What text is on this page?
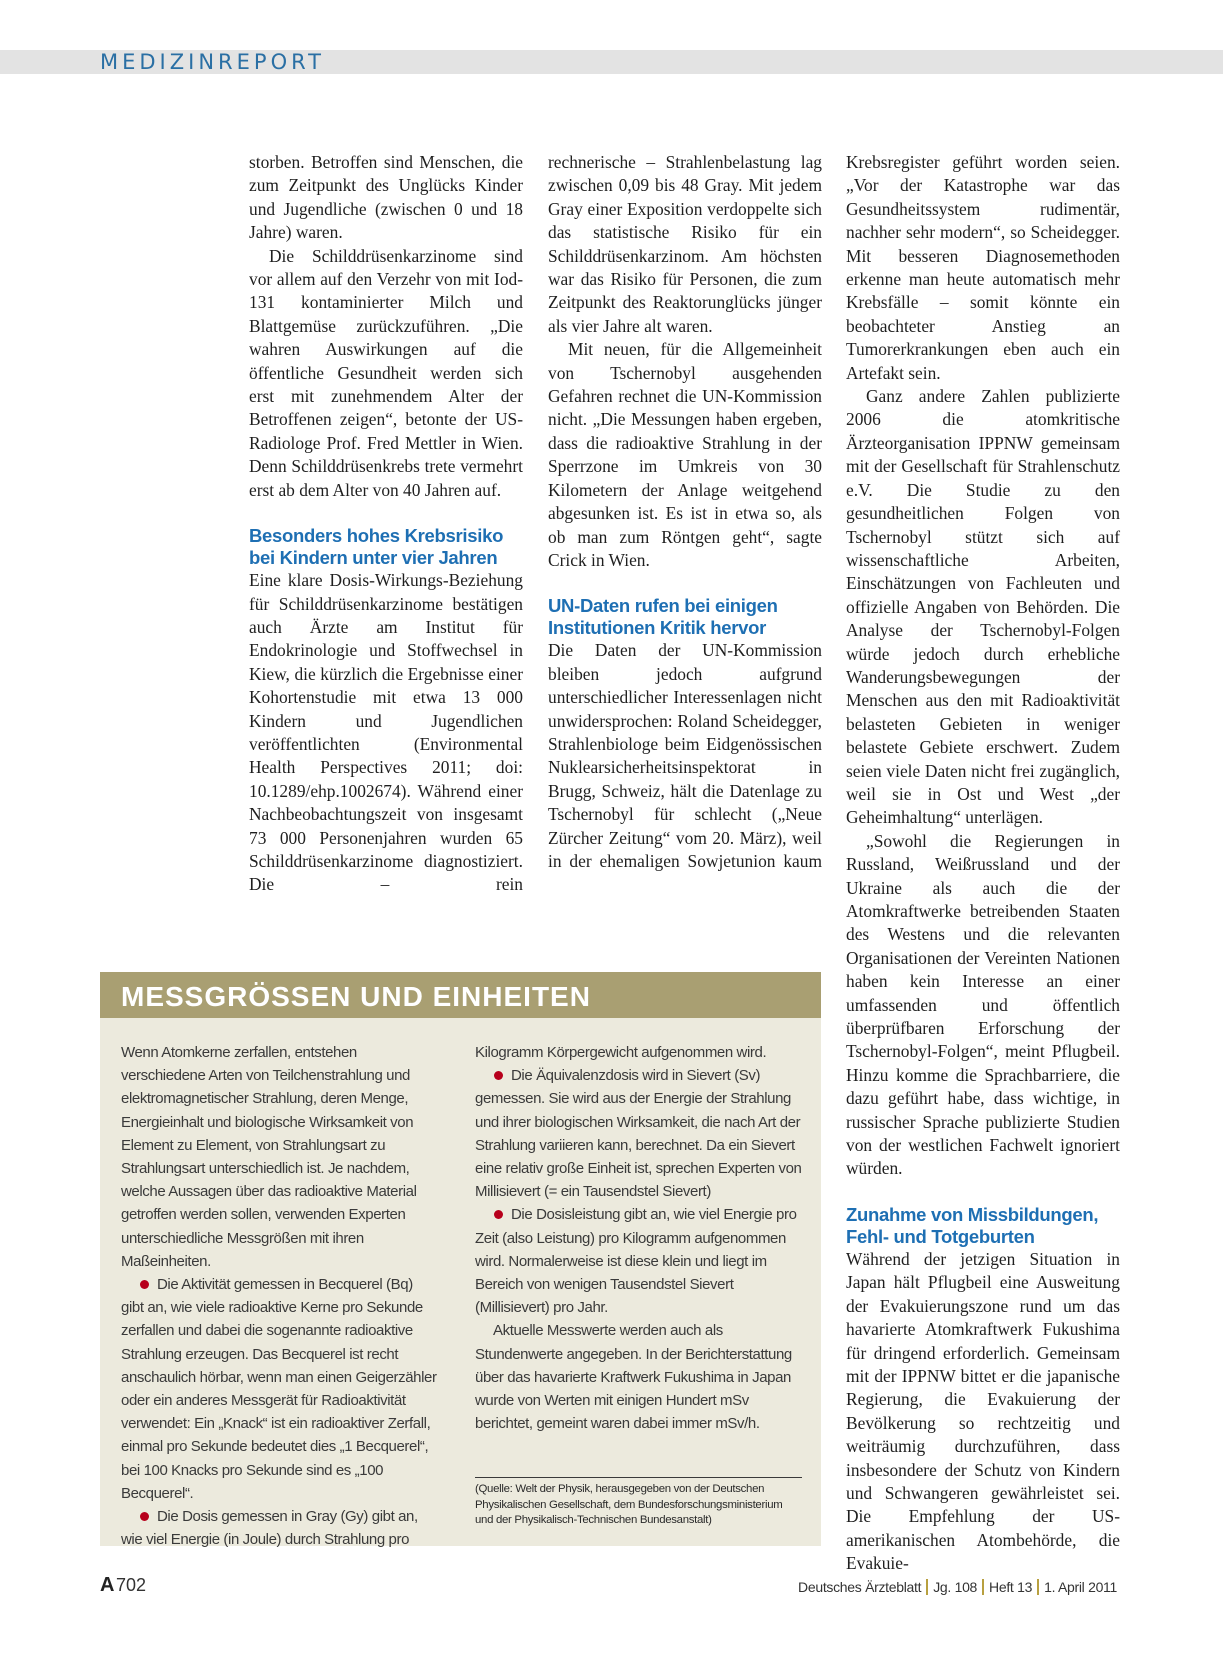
MEDIZINREPORT

storben. Betroffen sind Menschen, die zum Zeitpunkt des Unglücks Kinder und Jugendliche (zwischen 0 und 18 Jahre) waren.

Die Schilddrüsenkarzinome sind vor allem auf den Verzehr von mit Iod-131 kontaminierter Milch und Blattgemüse zurückzuführen. „Die wahren Auswirkungen auf die öffentliche Gesundheit werden sich erst mit zunehmendem Alter der Betroffenen zeigen“, betonte der US-Radiologe Prof. Fred Mettler in Wien. Denn Schilddrüsenkrebs trete vermehrt erst ab dem Alter von 40 Jahren auf.

Besonders hohes Krebsrisiko bei Kindern unter vier Jahren

Eine klare Dosis-Wirkungs-Beziehung für Schilddrüsenkarzinome bestätigen auch Ärzte am Institut für Endokrinologie und Stoffwechsel in Kiew, die kürzlich die Ergebnisse einer Kohortenstudie mit etwa 13 000 Kindern und Jugendlichen veröffentlichten (Environmental Health Perspectives 2011; doi: 10.1289/ehp.1002674). Während einer Nachbeobachtungszeit von insgesamt 73 000 Personenjahren wurden 65 Schilddrüsenkarzinome diagnostiziert. Die – rein

rechnerische – Strahlenbelastung lag zwischen 0,09 bis 48 Gray. Mit jedem Gray einer Exposition verdoppelte sich das statistische Risiko für ein Schilddrüsenkarzinom. Am höchsten war das Risiko für Personen, die zum Zeitpunkt des Reaktorunglücks jünger als vier Jahre alt waren.

Mit neuen, für die Allgemeinheit von Tschernobyl ausgehenden Gefahren rechnet die UN-Kommission nicht. „Die Messungen haben ergeben, dass die radioaktive Strahlung in der Sperrzone im Umkreis von 30 Kilometern der Anlage weitgehend abgesunken ist. Es ist in etwa so, als ob man zum Röntgen geht“, sagte Crick in Wien.

UN-Daten rufen bei einigen Institutionen Kritik hervor

Die Daten der UN-Kommission bleiben jedoch aufgrund unterschiedlicher Interessenlagen nicht unwidersprochen: Roland Scheidegger, Strahlenbiologe beim Eidgenössischen Nuklearsicherheitsinspektorat in Brugg, Schweiz, hält die Datenlage zu Tschernobyl für schlecht („Neue Zürcher Zeitung“ vom 20. März), weil in der ehemaligen Sowjetunion kaum

Krebsregister geführt worden seien. „Vor der Katastrophe war das Gesundheitssystem rudimentär, nachher sehr modern“, so Scheidegger. Mit besseren Diagnosemethoden erkenne man heute automatisch mehr Krebsfälle – somit könnte ein beobachteter Anstieg an Tumorerkrankungen eben auch ein Artefakt sein.

Ganz andere Zahlen publizierte 2006 die atomkritische Ärzteorganisation IPPNW gemeinsam mit der Gesellschaft für Strahlenschutz e.V. Die Studie zu den gesundheitlichen Folgen von Tschernobyl stützt sich auf wissenschaftliche Arbeiten, Einschätzungen von Fachleuten und offizielle Angaben von Behörden. Die Analyse der Tschernobyl-Folgen würde jedoch durch erhebliche Wanderungsbewegungen der Menschen aus den mit Radioaktivität belasteten Gebieten in weniger belastete Gebiete erschwert. Zudem seien viele Daten nicht frei zugänglich, weil sie in Ost und West „der Geheimhaltung“ unterlägen.

„Sowohl die Regierungen in Russland, Weißrussland und der Ukraine als auch die der Atomkraftwerke betreibenden Staaten des Westens und die relevanten Organisationen der Vereinten Nationen haben kein Interesse an einer umfassenden und öffentlich überprüfbaren Erforschung der Tschernobyl-Folgen“, meint Pflugbeil. Hinzu komme die Sprachbarriere, die dazu geführt habe, dass wichtige, in russischer Sprache publizierte Studien von der westlichen Fachwelt ignoriert würden.

Zunahme von Missbildungen, Fehl- und Totgeburten

Während der jetzigen Situation in Japan hält Pflugbeil eine Ausweitung der Evakuierungszone rund um das havarierte Atomkraftwerk Fukushima für dringend erforderlich. Gemeinsam mit der IPPNW bittet er die japanische Regierung, die Evakuierung der Bevölkerung so rechtzeitig und weiträumig durchzuführen, dass insbesondere der Schutz von Kindern und Schwangeren gewährleistet sei. Die Empfehlung der US-amerikanischen Atombehörde, die Evakuie-

MESSGRÖSSEN UND EINHEITEN

Wenn Atomkerne zerfallen, entstehen verschiedene Arten von Teilchenstrahlung und elektromagnetischer Strahlung, deren Menge, Energieinhalt und biologische Wirksamkeit von Element zu Element, von Strahlungsart zu Strahlungsart unterschiedlich ist. Je nachdem, welche Aussagen über das radioaktive Material getroffen werden sollen, verwenden Experten unterschiedliche Messgrößen mit ihren Maßeinheiten.

Die Aktivität gemessen in Becquerel (Bq) gibt an, wie viele radioaktive Kerne pro Sekunde zerfallen und dabei die sogenannte radioaktive Strahlung erzeugen. Das Becquerel ist recht anschaulich hörbar, wenn man einen Geigerzähler oder ein anderes Messgerät für Radioaktivität verwendet: Ein „Knack“ ist ein radioaktiver Zerfall, einmal pro Sekunde bedeutet dies „1 Becquerel“, bei 100 Knacks pro Sekunde sind es „100 Becquerel“.

Die Dosis gemessen in Gray (Gy) gibt an, wie viel Energie (in Joule) durch Strahlung pro

Kilogramm Körpergewicht aufgenommen wird.

Die Äquivalenzdosis wird in Sievert (Sv) gemessen. Sie wird aus der Energie der Strahlung und ihrer biologischen Wirksamkeit, die nach Art der Strahlung variieren kann, berechnet. Da ein Sievert eine relativ große Einheit ist, sprechen Experten von Millisievert (= ein Tausendstel Sievert)

Die Dosisleistung gibt an, wie viel Energie pro Zeit (also Leistung) pro Kilogramm aufgenommen wird. Normalerweise ist diese klein und liegt im Bereich von wenigen Tausendstel Sievert (Millisievert) pro Jahr.

Aktuelle Messwerte werden auch als Stundenwerte angegeben. In der Berichterstattung über das havarierte Kraftwerk Fukushima in Japan wurde von Werten mit einigen Hundert mSv berichtet, gemeint waren dabei immer mSv/h.

(Quelle: Welt der Physik, herausgegeben von der Deutschen Physikalischen Gesellschaft, dem Bundesforschungsministerium und der Physikalisch-Technischen Bundesanstalt)
A 702	Deutsches Ärzteblatt Jg. 108 Heft 13 1. April 2011
